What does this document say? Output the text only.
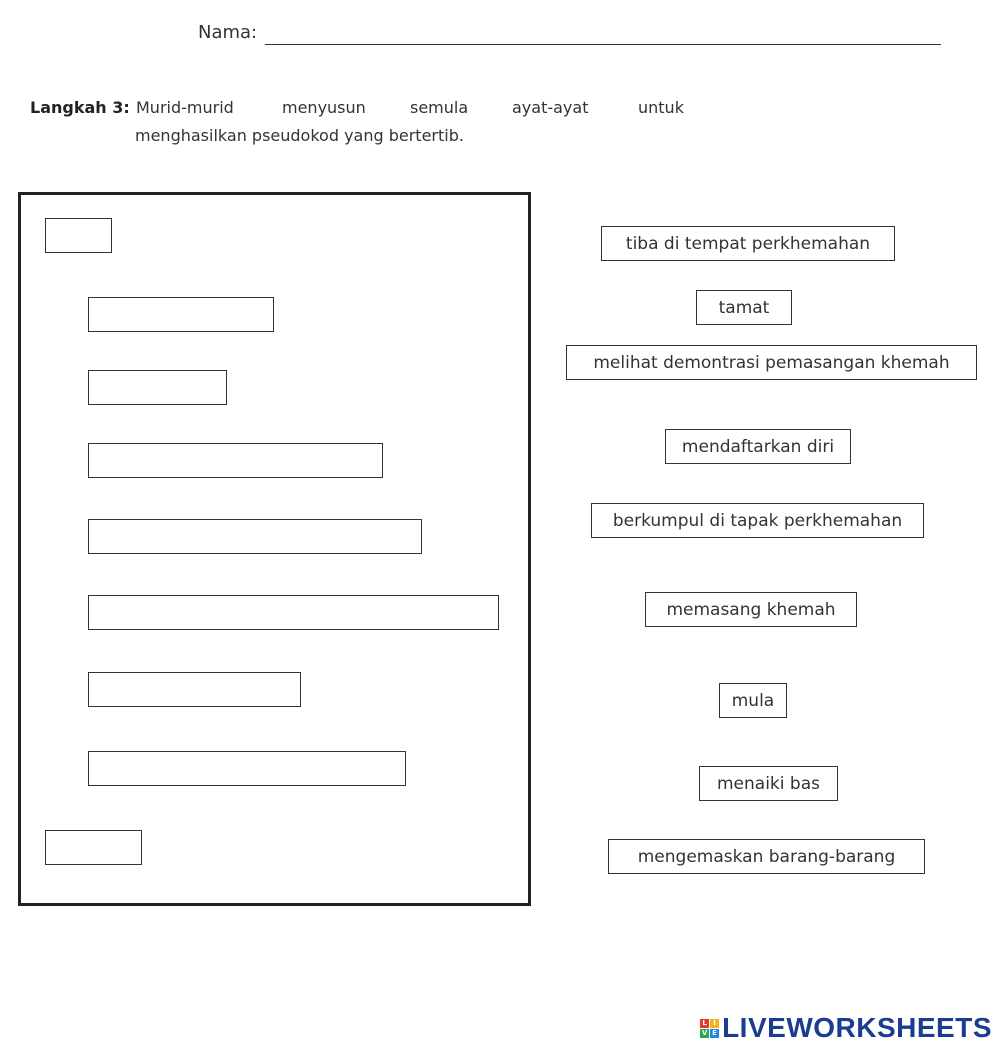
Nama:
Langkah 3: Murid-murid	menyusun	semula	ayat-ayat	untuk
menghasilkan pseudokod yang bertertib.
tiba di tempat perkhemahan
tamat
melihat demontrasi pemasangan khemah
mendaftarkan diri
berkumpul di tapak perkhemahan
memasang khemah
mula
menaiki bas
mengemaskan barang-barang
L I
V E LIVEWORKSHEETS
